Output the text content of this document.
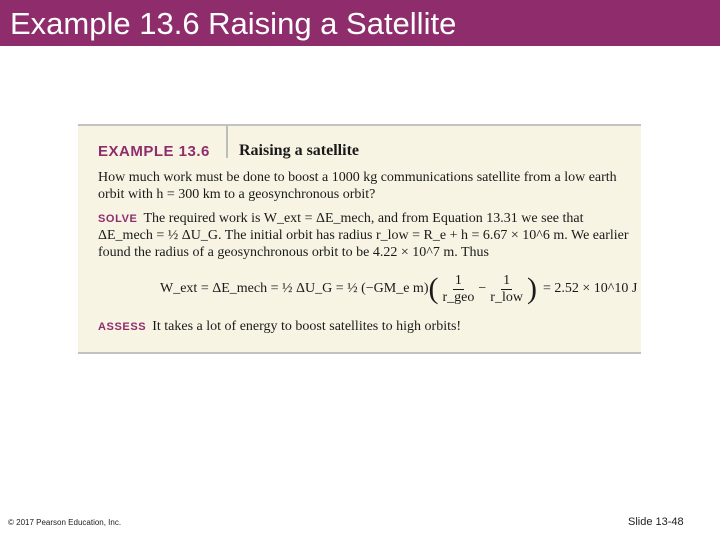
Example 13.6 Raising a Satellite
EXAMPLE 13.6 Raising a satellite
How much work must be done to boost a 1000 kg communications satellite from a low earth
orbit with h = 300 km to a geosynchronous orbit?
SOLVE The required work is W_ext = ΔE_mech, and from Equation 13.31 we see that
ΔE_mech = ½ ΔU_G. The initial orbit has radius r_low = R_e + h = 6.67 × 10^6 m. We earlier
found the radius of a geosynchronous orbit to be 4.22 × 10^7 m. Thus
W_ext = ΔE_mech = ½ ΔU_G = ½ (−GM_e m) ( $\frac{1}{\text{r\_geo}} - \frac{1}{\text{r\_low}}$ ) = 2.52 × 10^10 J
ASSESS It takes a lot of energy to boost satellites to high orbits!
© 2017 Pearson Education, Inc.	Slide 13-48
